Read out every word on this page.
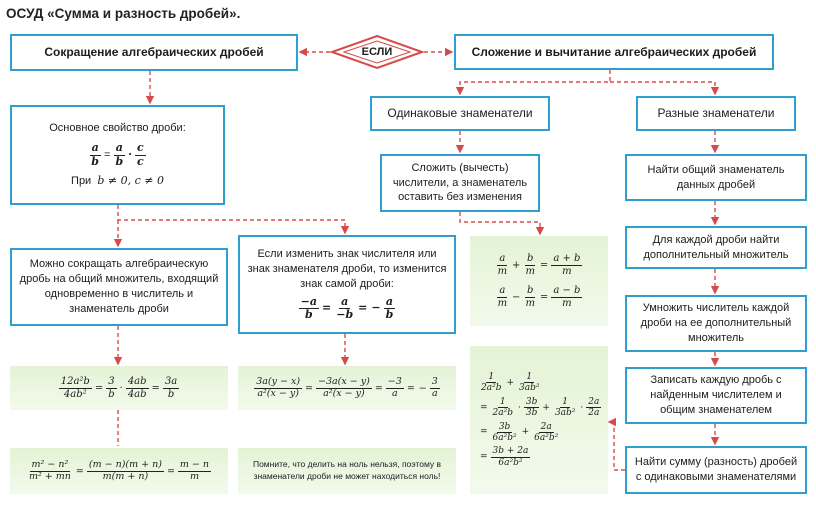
ОСУД «Сумма и разность дробей».
ЕСЛИ
Сокращение алгебраических дробей	Сложение и вычитание алгебраических дробей
Одинаковые знаменатели	Разные знаменатели
Основное свойство дроби:
$\frac{a}{b} = \frac{a}{b}$ ·
c
c
При b ≠ 0, c ≠ 0
Можно сокращать алгебраическую дробь на общий множитель, входящий одновременно в числитель и знаменатель дроби
Если изменить знак числителя или знак знаменателя дроби, то изменится знак самой дроби:
$\frac{-a}{b} = \frac{a}{-b}$ = − $\frac{a}{b}$
Сложить (вычесть) числители, а знаменатель оставить без изменения
a
m
+ $\frac{b}{m} = \frac{a + b}{m}$
a
m
− $\frac{b}{m} = \frac{a - b}{m}$
Найти общий знаменатель данных дробей
Для каждой дроби найти дополнительный множитель
Умножить числитель каждой дроби на ее дополнительный множитель
Записать каждую дробь с найденным числителем и общим знаменателем
Найти сумму (разность) дробей с одинаковыми знаменателями
$\frac{\text{12a²b}}{\text{4ab²}} = \frac{3}{b} \cdot \frac{4ab}{4ab} = \frac{3a}{b}$	$\frac{3a(y - x)}{\text{a²(x − y)}} = \frac{-3a(x - y)}{\text{a²(x − y)}} = \frac{-3}{a}$ = − $\frac{3}{a}$
$\frac{\text{m² − n²}}{\text{m² + mn}} = \frac{(m - n)(m + n)}{m(m + n)} = \frac{m - n}{m}$	Помните, что делить на ноль нельзя, поэтому в знаменатели дроби не может находиться ноль!
1
2a²b
+ $\frac{1}{\text{3ab²}}$
= $\frac{1}{\text{2a²b}}$ ·
3b
3b
+ $\frac{1}{\text{3ab²}}$ ·
2a
2a
= $\frac{3b}{\text{6a²b²}} + \frac{2a}{\text{6a²b²}}$
= $\frac{3b + 2a}{\text{6a²b²}}$
